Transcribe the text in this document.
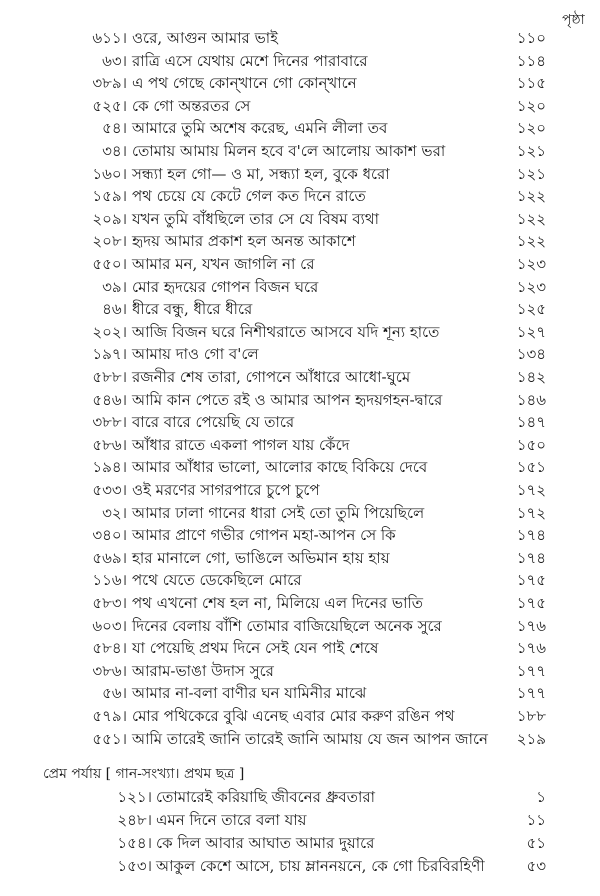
পৃষ্ঠা
৬১১। ওরে, আগুন আমার ভাই	১১০
৬৩। রাত্রি এসে যেথায় মেশে দিনের পারাবারে	১১৪
৩৮৯। এ পথ গেছে কোন্‌খানে গো কোন্‌খানে	১১৫
৫২৫। কে গো অন্তরতর সে	১২০
৫৪। আমারে তুমি অশেষ করেছ, এমনি লীলা তব	১২০
৩৪। তোমায় আমায় মিলন হবে ব'লে আলোয় আকাশ ভরা	১২১
১৬০। সন্ধ্যা হল গো— ও মা, সন্ধ্যা হল, বুকে ধরো	১২১
১৫৯। পথ চেয়ে যে কেটে গেল কত দিনে রাতে	১২২
২০৯। যখন তুমি বাঁধছিলে তার সে যে বিষম ব্যথা	১২২
২০৮। হৃদয় আমার প্রকাশ হল অনন্ত আকাশে	১২২
৫৫০। আমার মন, যখন জাগলি না রে	১২৩
৩৯। মোর হৃদয়ের গোপন বিজন ঘরে	১২৩
৪৬। ধীরে বন্ধু, ধীরে ধীরে	১২৫
২০২। আজি বিজন ঘরে নিশীথরাতে আসবে যদি শূন্য হাতে	১২৭
১৯৭। আমায় দাও গো ব'লে	১৩৪
৫৮৮। রজনীর শেষ তারা, গোপনে আঁধারে আধো-ঘুমে	১৪২
৫৪৬। আমি কান পেতে রই ও আমার আপন হৃদয়গহন-দ্বারে	১৪৬
৩৮৮। বারে বারে পেয়েছি যে তারে	১৪৭
৫৮৬। আঁধার রাতে একলা পাগল যায় কেঁদে	১৫০
১৯৪। আমার আঁধার ভালো, আলোর কাছে বিকিয়ে দেবে	১৫১
৫৩৩। ওই মরণের সাগরপারে চুপে চুপে	১৭২
৩২। আমার ঢালা গানের ধারা সেই তো তুমি পিয়েছিলে	১৭২
৩৪০। আমার প্রাণে গভীর গোপন মহা-আপন সে কি	১৭৪
৫৬৯। হার মানালে গো, ভাঙিলে অভিমান হায় হায়	১৭৪
১১৬। পথে যেতে ডেকেছিলে মোরে	১৭৫
৫৮৩। পথ এখনো শেষ হল না, মিলিয়ে এল দিনের ভাতি	১৭৫
৬০৩। দিনের বেলায় বাঁশি তোমার বাজিয়েছিলে অনেক সুরে	১৭৬
৫৮৪। যা পেয়েছি প্রথম দিনে সেই যেন পাই শেষে	১৭৬
৩৮৬। আরাম-ভাঙা উদাস সুরে	১৭৭
৫৬। আমার না-বলা বাণীর ঘন যামিনীর মাঝে	১৭৭
৫৭৯। মোর পথিকেরে বুঝি এনেছ এবার মোর করুণ রঙিন পথ	১৮৮
৫৫১। আমি তারেই জানি তারেই জানি আমায় যে জন আপন জানে	২১৯
প্রেম পর্যায় [ গান-সংখ্যা। প্রথম ছত্র ]
১২১। তোমারেই করিয়াছি জীবনের ধ্রুবতারা	১
২৪৮। এমন দিনে তারে বলা যায়	১১
১৫৪। কে দিল আবার আঘাত আমার দুয়ারে	৫১
১৫৩। আকুল কেশে আসে, চায় ম্লাননয়নে, কে গো চিরবিরহিণী	৫৩
